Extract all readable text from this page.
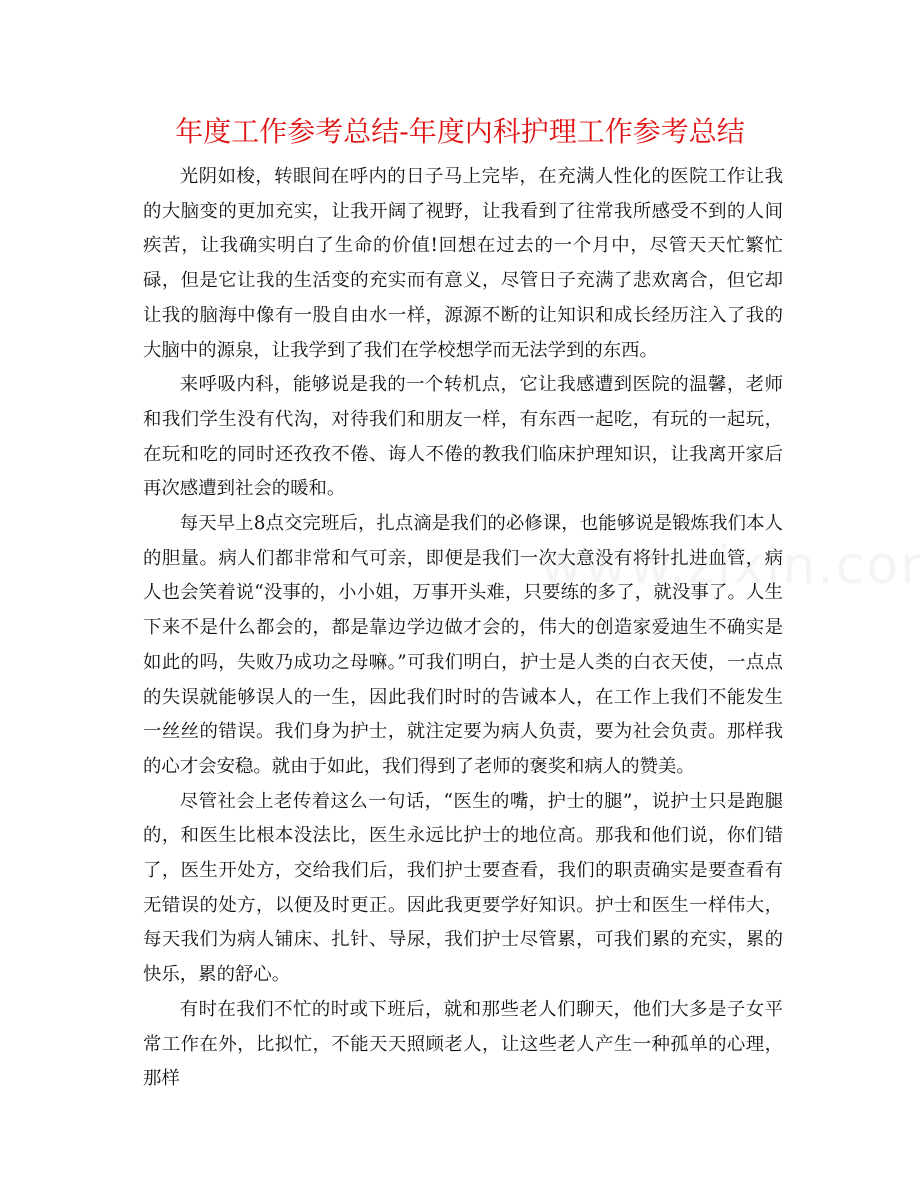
年度工作参考总结-年度内科护理工作参考总结

光阴如梭，转眼间在呼内的日子马上完毕，在充满人性化的医院工作让我的大脑变的更加充实，让我开阔了视野，让我看到了往常我所感受不到的人间疾苦，让我确实明白了生命的价值!回想在过去的一个月中，尽管天天忙繁忙碌，但是它让我的生活变的充实而有意义，尽管日子充满了悲欢离合，但它却让我的脑海中像有一股自由水一样，源源不断的让知识和成长经历注入了我的大脑中的源泉，让我学到了我们在学校想学而无法学到的东西。

来呼吸内科，能够说是我的一个转机点，它让我感遭到医院的温馨，老师和我们学生没有代沟，对待我们和朋友一样，有东西一起吃，有玩的一起玩，在玩和吃的同时还孜孜不倦、诲人不倦的教我们临床护理知识，让我离开家后再次感遭到社会的暖和。

每天早上8点交完班后，扎点滴是我们的必修课，也能够说是锻炼我们本人的胆量。病人们都非常和气可亲，即便是我们一次大意没有将针扎进血管，病人也会笑着说“没事的，小小姐，万事开头难，只要练的多了，就没事了。人生下来不是什么都会的，都是靠边学边做才会的，伟大的创造家爱迪生不确实是如此的吗，失败乃成功之母嘛。”可我们明白，护士是人类的白衣天使，一点点的失误就能够误人的一生，因此我们时时的告诫本人，在工作上我们不能发生一丝丝的错误。我们身为护士，就注定要为病人负责，要为社会负责。那样我的心才会安稳。就由于如此，我们得到了老师的褒奖和病人的赞美。

尽管社会上老传着这么一句话，“医生的嘴，护士的腿”，说护士只是跑腿的，和医生比根本没法比，医生永远比护士的地位高。那我和他们说，你们错了，医生开处方，交给我们后，我们护士要查看，我们的职责确实是要查看有无错误的处方，以便及时更正。因此我更要学好知识。护士和医生一样伟大，每天我们为病人铺床、扎针、导尿，我们护士尽管累，可我们累的充实，累的快乐，累的舒心。

有时在我们不忙的时或下班后，就和那些老人们聊天，他们大多是子女平常工作在外，比拟忙，不能天天照顾老人，让这些老人产生一种孤单的心理，那样
